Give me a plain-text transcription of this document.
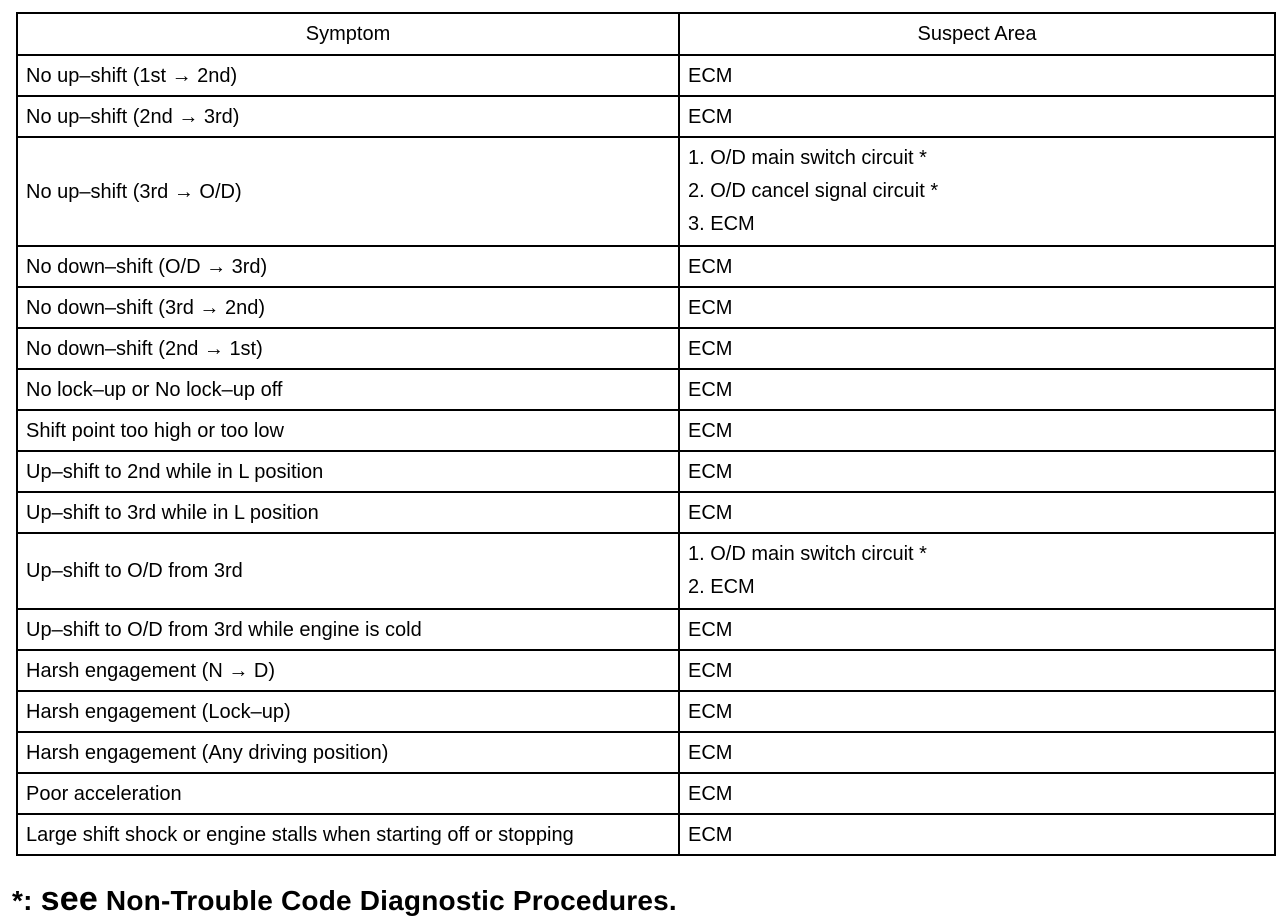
Symptom	Suspect Area
No up–shift (1st → 2nd)	ECM
No up–shift (2nd → 3rd)	ECM
No up–shift (3rd → O/D)	1. O/D main switch circuit *
2. O/D cancel signal circuit *
3. ECM

No down–shift (O/D → 3rd)	ECM
No down–shift (3rd → 2nd)	ECM
No down–shift (2nd → 1st)	ECM
No lock–up or No lock–up off	ECM
Shift point too high or too low	ECM
Up–shift to 2nd while in L position	ECM
Up–shift to 3rd while in L position	ECM
Up–shift to O/D from 3rd	1. O/D main switch circuit *
2. ECM

Up–shift to O/D from 3rd while engine is cold	ECM
Harsh engagement (N → D)	ECM
Harsh engagement (Lock–up)	ECM
Harsh engagement (Any driving position)	ECM
Poor acceleration	ECM
Large shift shock or engine stalls when starting off or stopping	ECM
*: see Non-Trouble Code Diagnostic Procedures.
